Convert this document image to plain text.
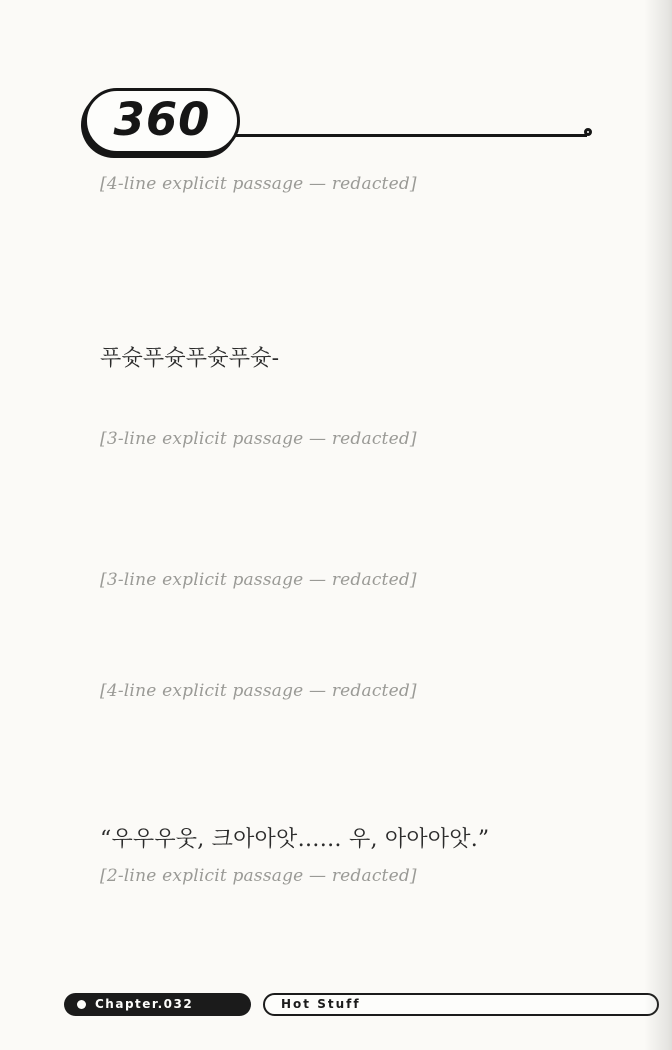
360

[4-line explicit passage — redacted]

푸슛푸슛푸슛푸슛-

[3-line explicit passage — redacted]

[3-line explicit passage — redacted]

[4-line explicit passage — redacted]

“우우우웃, 크아아앗…… 우, 아아아앗.”

[2-line explicit passage — redacted]

Chapter.032	Hot Stuff
